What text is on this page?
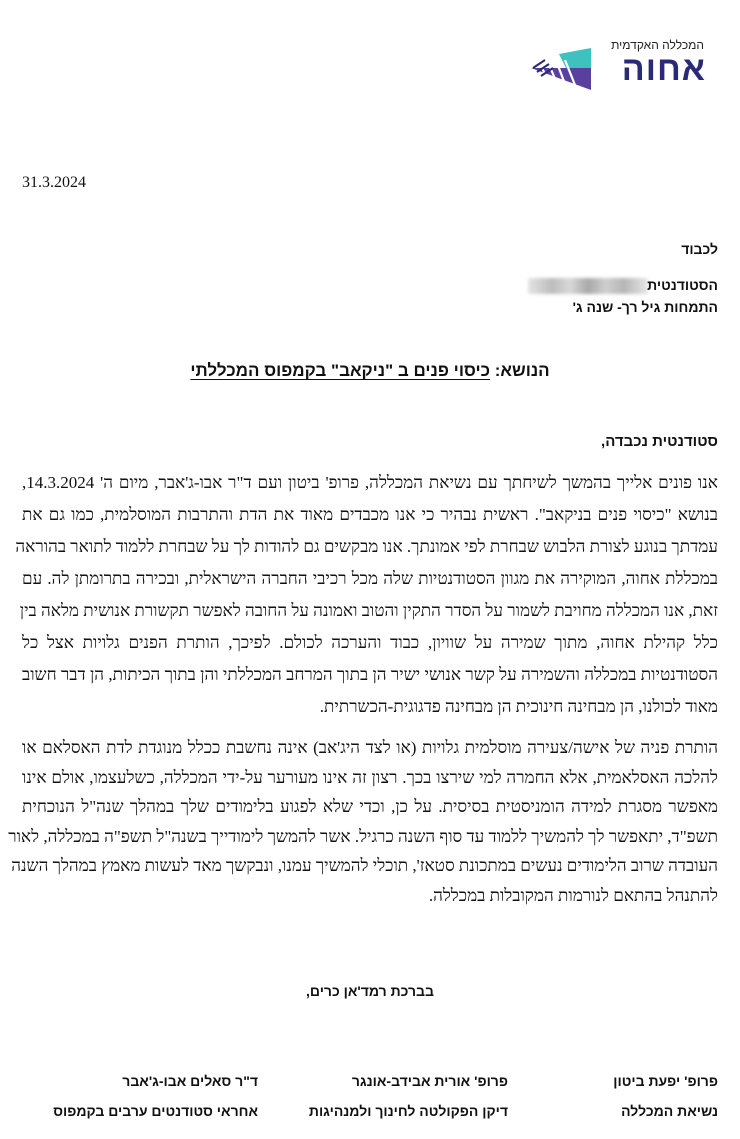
המכללה האקדמית
אחוה
31.3.2024
לכבוד
הסטודנטית
התמחות גיל רך- שנה ג'
הנושא: כיסוי פנים ב "ניקאב" בקמפוס המכללתי
סטודנטית נכבדה,
אנו פונים אלייך בהמשך לשיחתך עם נשיאת המכללה, פרופ' ביטון ועם ד"ר אבו-ג'אבר, מיום ה' 14.3.2024,
בנושא "כיסוי פנים בניקאב". ראשית נבהיר כי אנו מכבדים מאוד את הדת והתרבות המוסלמית, כמו גם את
עמדתך בנוגע לצורת הלבוש שבחרת לפי אמונתך. אנו מבקשים גם להודות לך על שבחרת ללמוד לתואר בהוראה
במכללת אחוה, המוקירה את מגוון הסטודנטיות שלה מכל רכיבי החברה הישראלית, ובכירה בתרומתן לה. עם
זאת, אנו המכללה מחויבת לשמור על הסדר התקין והטוב ואמונה על החובה לאפשר תקשורת אנושית מלאה בין
כלל קהילת אחוה, מתוך שמירה על שוויון, כבוד והערכה לכולם. לפיכך, הותרת הפנים גלויות אצל כל
הסטודנטיות במכללה והשמירה על קשר אנושי ישיר הן בתוך המרחב המכללתי והן בתוך הכיתות, הן דבר חשוב
מאוד לכולנו, הן מבחינה חינוכית הן מבחינה פדגוגית-הכשרתית.
הותרת פניה של אישה/צעירה מוסלמית גלויות (או לצד היג'אב) אינה נחשבת ככלל מנוגדת לדת האסלאם או
להלכה האסלאמית, אלא החמרה למי שירצו בכך. רצון זה אינו מעורער על-ידי המכללה, כשלעצמו, אולם אינו
מאפשר מסגרת למידה הומניסטית בסיסית. על כן, וכדי שלא לפגוע בלימודים שלך במהלך שנה"ל הנוכחית
תשפ"ד, יתאפשר לך להמשיך ללמוד עד סוף השנה כרגיל. אשר להמשך לימודייך בשנה"ל תשפ"ה במכללה, לאור
העובדה שרוב הלימודים נעשים במתכונת סטאז', תוכלי להמשיך עמנו, ונבקשך מאד לעשות מאמץ במהלך השנה
להתנהל בהתאם לנורמות המקובלות במכללה.
בברכת רמד'אן כרים,
פרופ' יפעת ביטון
נשיאת המכללה
פרופ' אורית אבידב-אונגר
דיקן הפקולטה לחינוך ולמנהיגות
ד"ר סאלים אבו-ג'אבר
אחראי סטודנטים ערבים בקמפוס
